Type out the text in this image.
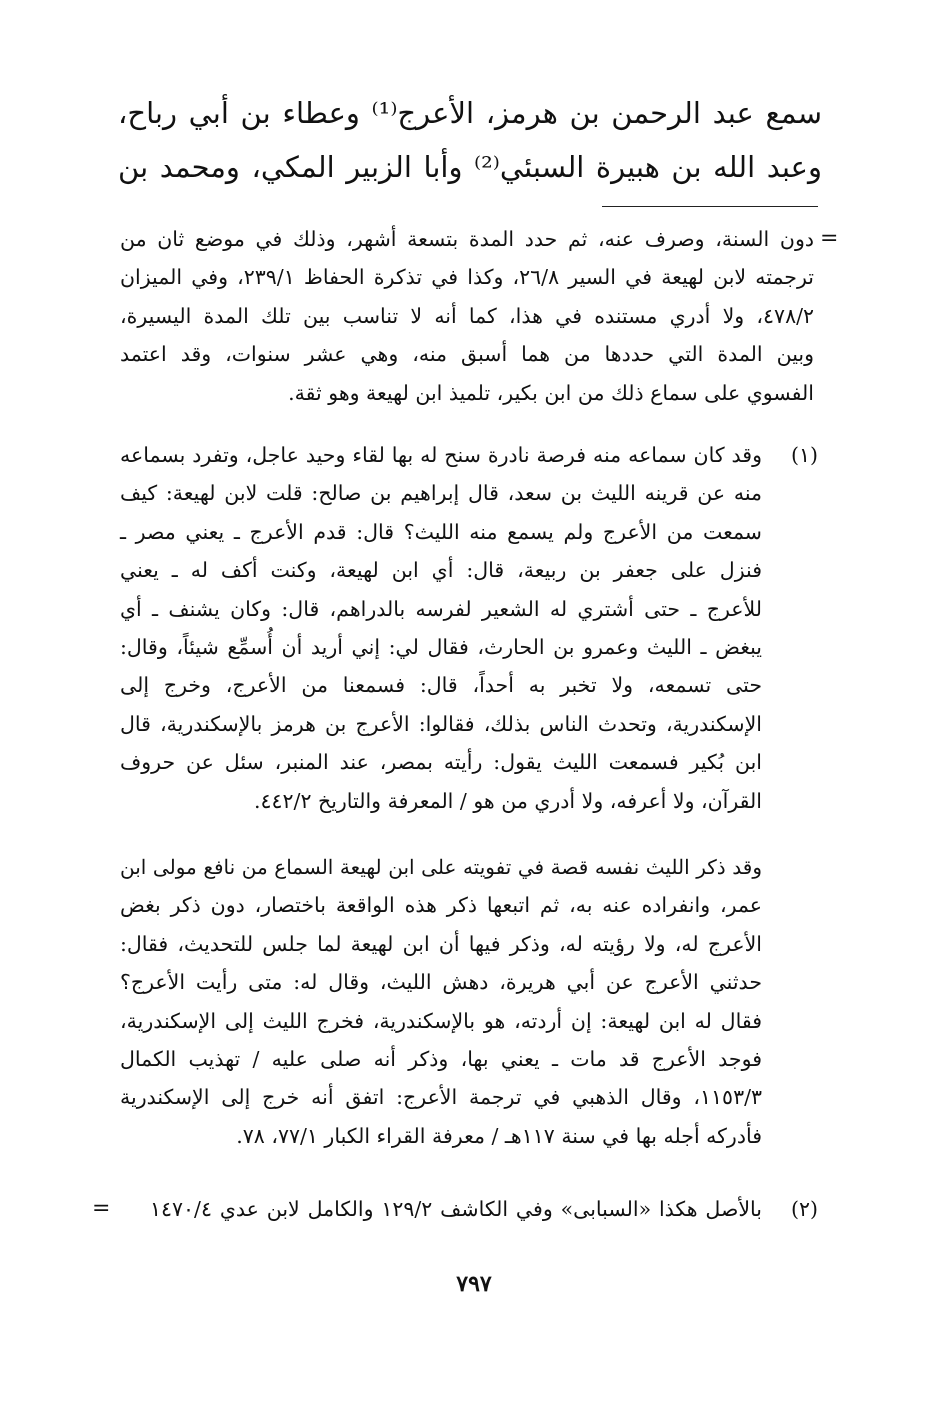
سمع عبد الرحمن بن هرمز، الأعرج⁽¹⁾ وعطاء بن أبي رباح،
وعبد الله بن هبيرة السبئي⁽²⁾ وأبا الزبير المكي، ومحمد بن
=
دون السنة، وصرف عنه، ثم حدد المدة بتسعة أشهر، وذلك في موضع ثان من
ترجمته لابن لهيعة في السير ٢٦/٨، وكذا في تذكرة الحفاظ ٢٣٩/١، وفي الميزان
٤٧٨/٢، ولا أدري مستنده في هذا، كما أنه لا تناسب بين تلك المدة اليسيرة،
وبين المدة التي حددها من هما أسبق منه، وهي عشر سنوات، وقد اعتمد
الفسوي على سماع ذلك من ابن بكير، تلميذ ابن لهيعة وهو ثقة.
(١)
وقد كان سماعه منه فرصة نادرة سنح له بها لقاء وحيد عاجل، وتفرد بسماعه
منه عن قرينه الليث بن سعد، قال إبراهيم بن صالح: قلت لابن لهيعة: كيف
سمعت من الأعرج ولم يسمع منه الليث؟ قال: قدم الأعرج ـ يعني مصر ـ
فنزل على جعفر بن ربيعة، قال: أي ابن لهيعة، وكنت أكف له ـ يعني
للأعرج ـ حتى أشتري له الشعير لفرسه بالدراهم، قال: وكان يشنف ـ أي
يبغض ـ الليث وعمرو بن الحارث، فقال لي: إني أريد أن أُسمِّع شيئاً، وقال:
حتى تسمعه، ولا تخبر به أحداً، قال: فسمعنا من الأعرج، وخرج إلى
الإسكندرية، وتحدث الناس بذلك، فقالوا: الأعرج بن هرمز بالإسكندرية، قال
ابن بُكير فسمعت الليث يقول: رأيته بمصر، عند المنبر، سئل عن حروف
القرآن، ولا أعرفه، ولا أدري من هو / المعرفة والتاريخ ٤٤٢/٢.
وقد ذكر الليث نفسه قصة في تفويته على ابن لهيعة السماع من نافع مولى ابن
عمر، وانفراده عنه به، ثم اتبعها ذكر هذه الواقعة باختصار، دون ذكر بغض
الأعرج له، ولا رؤيته له، وذكر فيها أن ابن لهيعة لما جلس للتحديث، فقال:
حدثني الأعرج عن أبي هريرة، دهش الليث، وقال له: متى رأيت الأعرج؟
فقال له ابن لهيعة: إن أردته، هو بالإسكندرية، فخرج الليث إلى الإسكندرية،
فوجد الأعرج قد مات ـ يعني بها، وذكر أنه صلى عليه / تهذيب الكمال
١١٥٣/٣، وقال الذهبي في ترجمة الأعرج: اتفق أنه خرج إلى الإسكندرية
فأدركه أجله بها في سنة ١١٧هـ / معرفة القراء الكبار ٧٧/١، ٧٨.
(٢)
بالأصل هكذا «السبابى» وفي الكاشف ١٢٩/٢ والكامل لابن عدي ١٤٧٠/٤
=
٧٩٧
